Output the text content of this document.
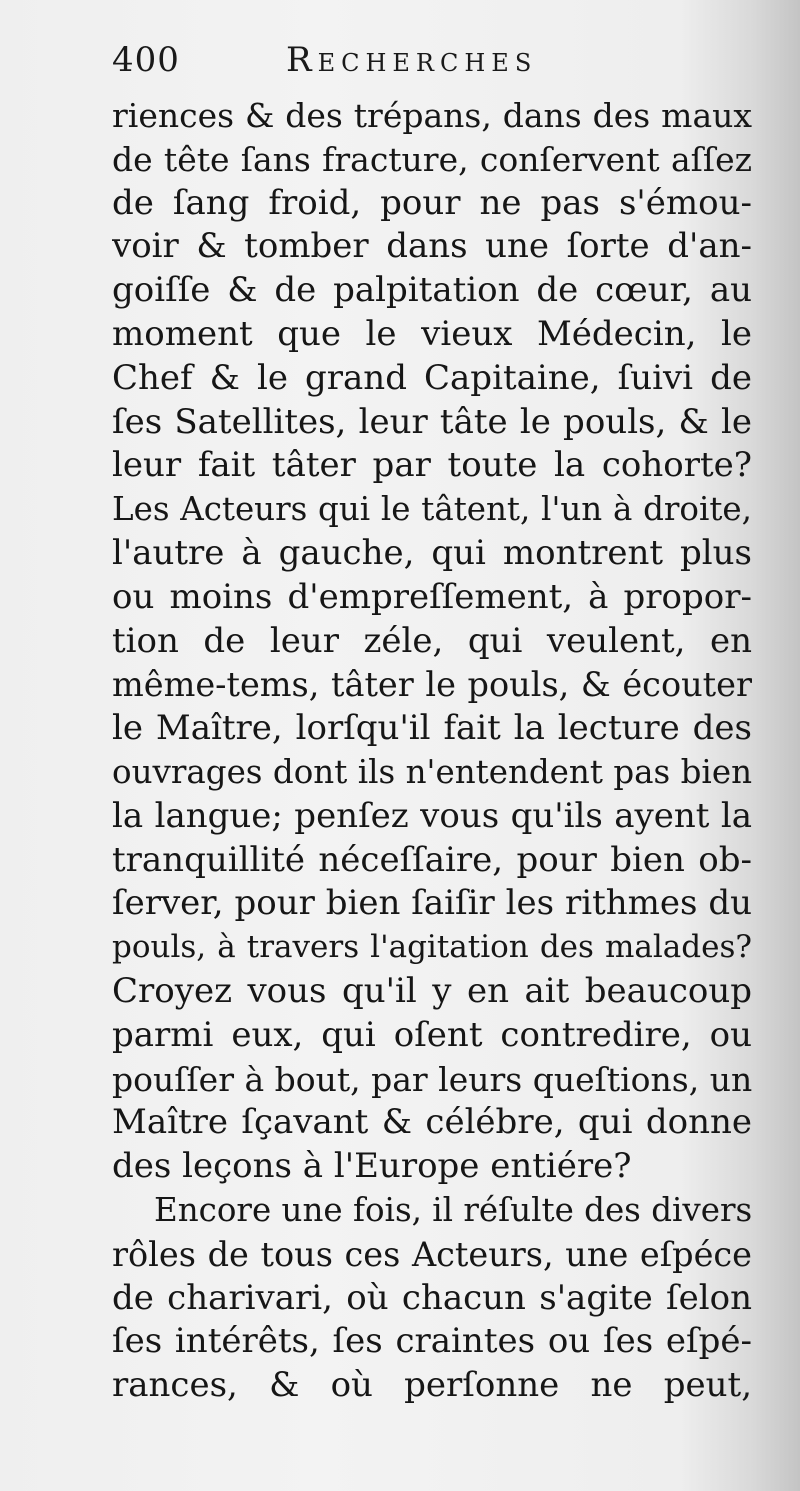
400	Recherches
riences & des trépans, dans des maux
de tête ſans fracture, conſervent aſſez
de ſang froid, pour ne pas s'émou-
voir & tomber dans une ſorte d'an-
goiſſe & de palpitation de cœur, au
moment que le vieux Médecin, le
Chef & le grand Capitaine, ſuivi de
ſes Satellites, leur tâte le pouls, & le
leur fait tâter par toute la cohorte?
Les Acteurs qui le tâtent, l'un à droite,
l'autre à gauche, qui montrent plus
ou moins d'empreſſement, à propor-
tion de leur zéle, qui veulent, en
même-tems, tâter le pouls, & écouter
le Maître, lorſqu'il fait la lecture des
ouvrages dont ils n'entendent pas bien
la langue; penſez vous qu'ils ayent la
tranquillité néceſſaire, pour bien ob-
ſerver, pour bien ſaiſir les rithmes du
pouls, à travers l'agitation des malades?
Croyez vous qu'il y en ait beaucoup
parmi eux, qui oſent contredire, ou
pouſſer à bout, par leurs queſtions, un
Maître ſçavant & célébre, qui donne
des leçons à l'Europe entiére?
Encore une fois, il réſulte des divers
rôles de tous ces Acteurs, une eſpéce
de charivari, où chacun s'agite ſelon
ſes intérêts, ſes craintes ou ſes eſpé-
rances, & où perſonne ne peut,
